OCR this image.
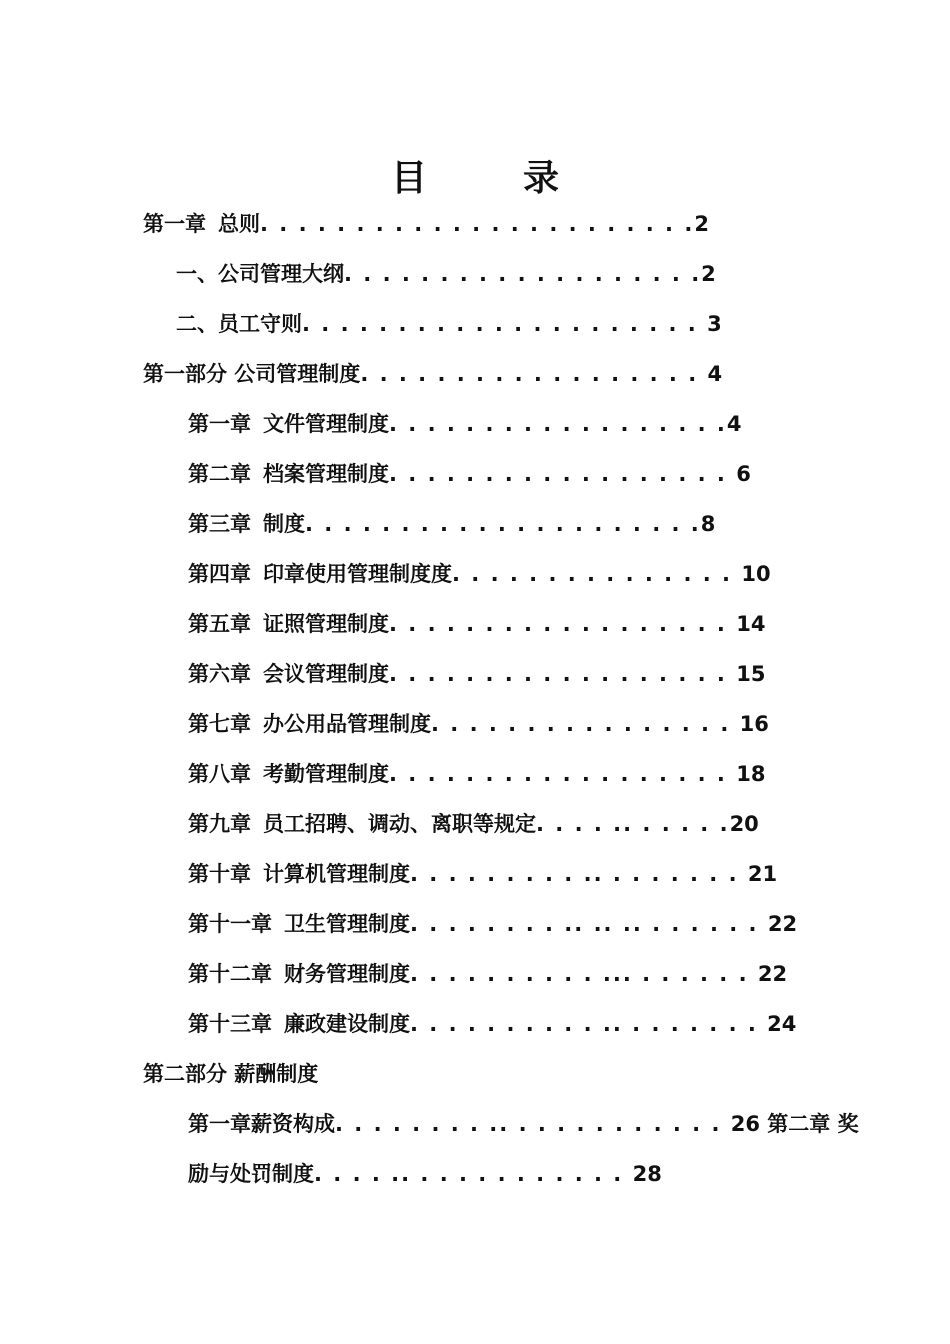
目	录
第一章 总则. . . . . . . . . . . . . . . . . . . . . . .2
一、公司管理大纲. . . . . . . . . . . . . . . . . . .2
二、员工守则. . . . . . . . . . . . . . . . . . . . . 3
第一部分 公司管理制度. . . . . . . . . . . . . . . . . . 4
第一章 文件管理制度. . . . . . . . . . . . . . . . . .4
第二章 档案管理制度. . . . . . . . . . . . . . . . . . 6
第三章 制度. . . . . . . . . . . . . . . . . . . . .8
第四章 印章使用管理制度度. . . . . . . . . . . . . . . 10
第五章 证照管理制度. . . . . . . . . . . . . . . . . . 14
第六章 会议管理制度. . . . . . . . . . . . . . . . . . 15
第七章 办公用品管理制度. . . . . . . . . . . . . . . . 16
第八章 考勤管理制度. . . . . . . . . . . . . . . . . . 18
第九章 员工招聘、调动、离职等规定. . . . .. . . . . .20
第十章 计算机管理制度. . . . . . . . . .. . . . . . . . 21
第十一章 卫生管理制度. . . . . . . . .. .. .. . . . . . . 22
第十二章 财务管理制度. . . . . . . . . . ... . . . . . . 22
第十三章 廉政建设制度. . . . . . . . . . .. . . . . . . . 24
第二部分 薪酬制度
第一章薪资构成. . . . . . . . .. . . . . . . . . . . . 26 第二章 奖
励与处罚制度. . . . .. . . . . . . . . . . . 28
